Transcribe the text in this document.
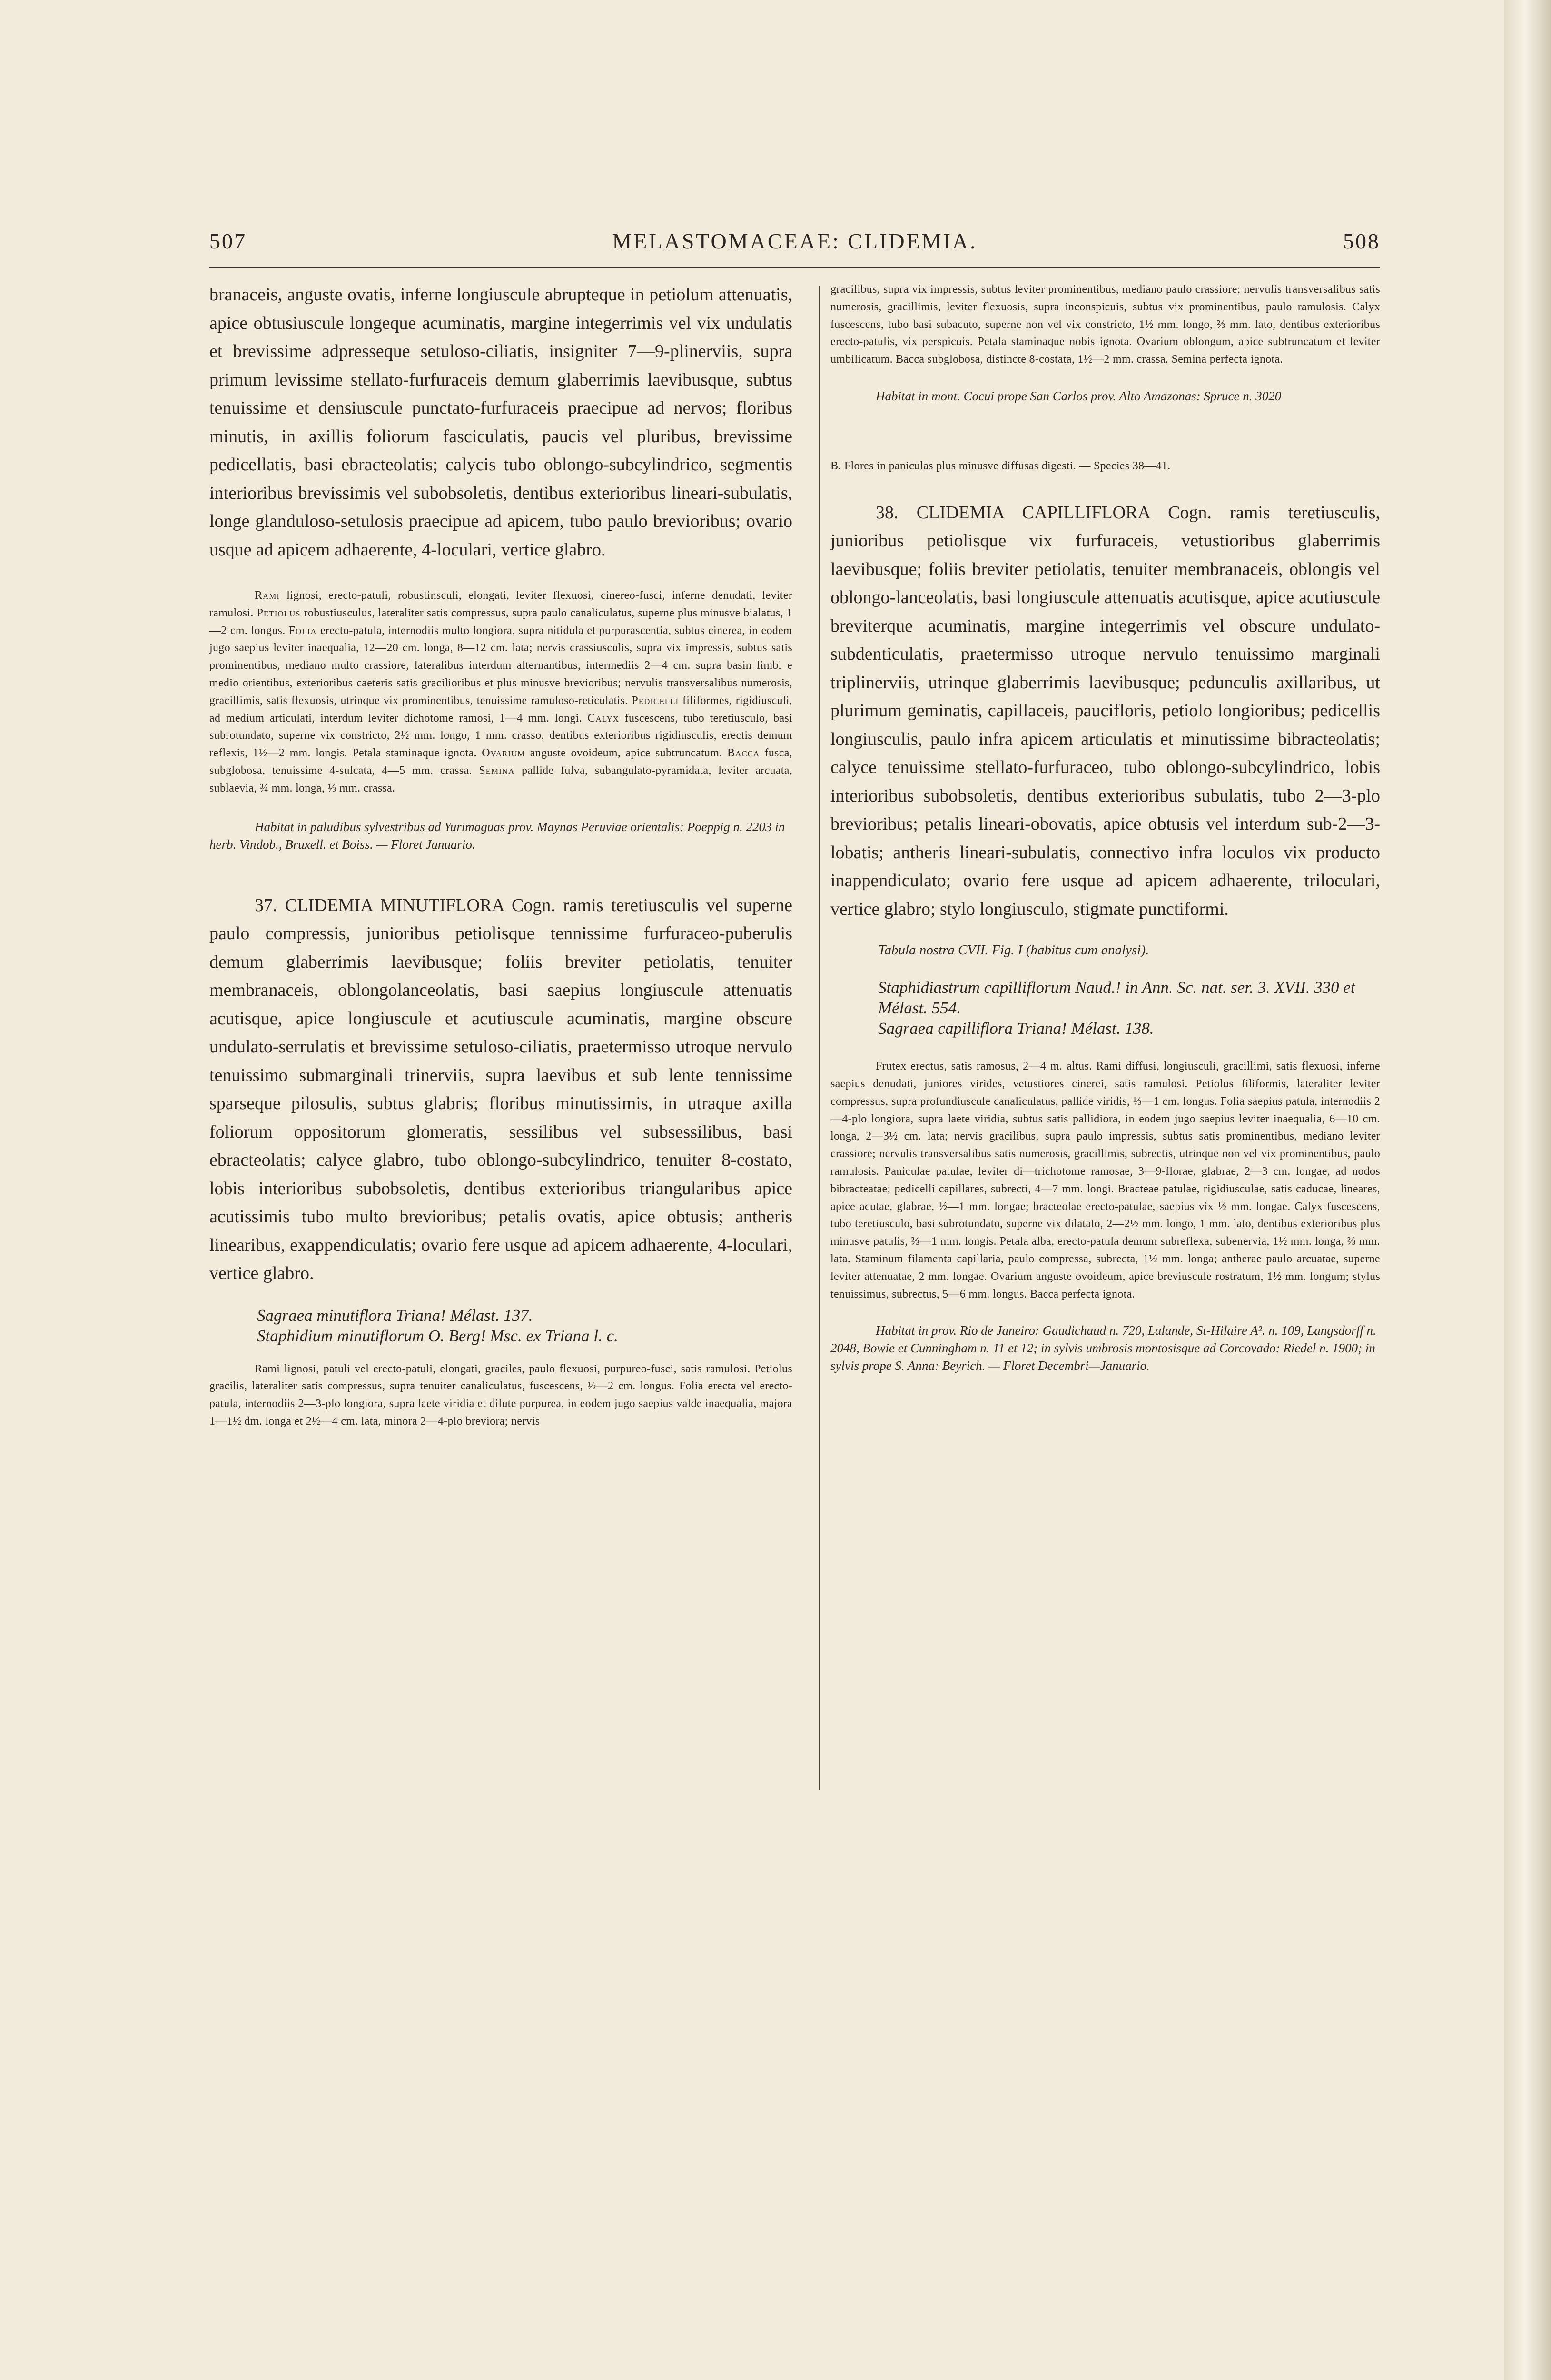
507	MELASTOMACEAE: CLIDEMIA.	508

branaceis, anguste ovatis, inferne longiuscule abrupteque in petiolum attenuatis, apice obtusiuscule longeque acuminatis, margine integerrimis vel vix undulatis et brevissime adpresseque setuloso-ciliatis, insigniter 7—9-plinerviis, supra primum levissime stellato-furfuraceis demum glaberrimis laevibusque, subtus tenuissime et densiuscule punctato-furfuraceis praecipue ad nervos; floribus minutis, in axillis foliorum fasciculatis, paucis vel pluribus, brevissime pedicellatis, basi ebracteolatis; calycis tubo oblongo-subcylindrico, segmentis interioribus brevissimis vel subobsoletis, dentibus exterioribus lineari-subulatis, longe glanduloso-setulosis praecipue ad apicem, tubo paulo brevioribus; ovario usque ad apicem adhaerente, 4-loculari, vertice glabro.

Rami lignosi, erecto-patuli, robustinsculi, elongati, leviter flexuosi, cinereo-fusci, inferne denudati, leviter ramulosi. Petiolus robustiusculus, lateraliter satis compressus, supra paulo canaliculatus, superne plus minusve bialatus, 1—2 cm. longus. Folia erecto-patula, internodiis multo longiora, supra nitidula et purpurascentia, subtus cinerea, in eodem jugo saepius leviter inaequalia, 12—20 cm. longa, 8—12 cm. lata; nervis crassiusculis, supra vix impressis, subtus satis prominentibus, mediano multo crassiore, lateralibus interdum alternantibus, intermediis 2—4 cm. supra basin limbi e medio orientibus, exterioribus caeteris satis gracilioribus et plus minusve brevioribus; nervulis transversalibus numerosis, gracillimis, satis flexuosis, utrinque vix prominentibus, tenuissime ramuloso-reticulatis. Pedicelli filiformes, rigidiusculi, ad medium articulati, interdum leviter dichotome ramosi, 1—4 mm. longi. Calyx fuscescens, tubo teretiusculo, basi subrotundato, superne vix constricto, 2½ mm. longo, 1 mm. crasso, dentibus exterioribus rigidiusculis, erectis demum reflexis, 1½—2 mm. longis. Petala staminaque ignota. Ovarium anguste ovoideum, apice subtruncatum. Bacca fusca, subglobosa, tenuissime 4-sulcata, 4—5 mm. crassa. Semina pallide fulva, subangulato-pyramidata, leviter arcuata, sublaevia, ¾ mm. longa, ⅓ mm. crassa.

Habitat in paludibus sylvestribus ad Yurimaguas prov. Maynas Peruviae orientalis: Poeppig n. 2203 in herb. Vindob., Bruxell. et Boiss. — Floret Januario.

37. CLIDEMIA MINUTIFLORA Cogn. ramis teretiusculis vel superne paulo compressis, junioribus petiolisque tennissime furfuraceo-puberulis demum glaberrimis laevibusque; foliis breviter petiolatis, tenuiter membranaceis, oblongolanceolatis, basi saepius longiuscule attenuatis acutisque, apice longiuscule et acutiuscule acuminatis, margine obscure undulato-serrulatis et brevissime setuloso-ciliatis, praetermisso utroque nervulo tenuissimo submarginali trinerviis, supra laevibus et sub lente tennissime sparseque pilosulis, subtus glabris; floribus minutissimis, in utraque axilla foliorum oppositorum glomeratis, sessilibus vel subsessilibus, basi ebracteolatis; calyce glabro, tubo oblongo-subcylindrico, tenuiter 8-costato, lobis interioribus subobsoletis, dentibus exterioribus triangularibus apice acutissimis tubo multo brevioribus; petalis ovatis, apice obtusis; antheris linearibus, exappendiculatis; ovario fere usque ad apicem adhaerente, 4-loculari, vertice glabro.

Sagraea minutiflora Triana! Mélast. 137.

Staphidium minutiflorum O. Berg! Msc. ex Triana l. c.

Rami lignosi, patuli vel erecto-patuli, elongati, graciles, paulo flexuosi, purpureo-fusci, satis ramulosi. Petiolus gracilis, lateraliter satis compressus, supra tenuiter canaliculatus, fuscescens, ½—2 cm. longus. Folia erecta vel erecto-patula, internodiis 2—3-plo longiora, supra laete viridia et dilute purpurea, in eodem jugo saepius valde inaequalia, majora 1—1½ dm. longa et 2½—4 cm. lata, minora 2—4-plo breviora; nervis

gracilibus, supra vix impressis, subtus leviter prominentibus, mediano paulo crassiore; nervulis transversalibus satis numerosis, gracillimis, leviter flexuosis, supra inconspicuis, subtus vix prominentibus, paulo ramulosis. Calyx fuscescens, tubo basi subacuto, superne non vel vix constricto, 1½ mm. longo, ⅔ mm. lato, dentibus exterioribus erecto-patulis, vix perspicuis. Petala staminaque nobis ignota. Ovarium oblongum, apice subtruncatum et leviter umbilicatum. Bacca subglobosa, distincte 8-costata, 1½—2 mm. crassa. Semina perfecta ignota.

Habitat in mont. Cocui prope San Carlos prov. Alto Amazonas: Spruce n. 3020

B. Flores in paniculas plus minusve diffusas digesti. — Species 38—41.

38. CLIDEMIA CAPILLIFLORA Cogn. ramis teretiusculis, junioribus petiolisque vix furfuraceis, vetustioribus glaberrimis laevibusque; foliis breviter petiolatis, tenuiter membranaceis, oblongis vel oblongo-lanceolatis, basi longiuscule attenuatis acutisque, apice acutiuscule breviterque acuminatis, margine integerrimis vel obscure undulato-subdenticulatis, praetermisso utroque nervulo tenuissimo marginali triplinerviis, utrinque glaberrimis laevibusque; pedunculis axillaribus, ut plurimum geminatis, capillaceis, paucifloris, petiolo longioribus; pedicellis longiusculis, paulo infra apicem articulatis et minutissime bibracteolatis; calyce tenuissime stellato-furfuraceo, tubo oblongo-subcylindrico, lobis interioribus subobsoletis, dentibus exterioribus subulatis, tubo 2—3-plo brevioribus; petalis lineari-obovatis, apice obtusis vel interdum sub-2—3-lobatis; antheris lineari-subulatis, connectivo infra loculos vix producto inappendiculato; ovario fere usque ad apicem adhaerente, triloculari, vertice glabro; stylo longiusculo, stigmate punctiformi.

Tabula nostra CVII. Fig. I (habitus cum analysi).

Staphidiastrum capilliflorum Naud.! in Ann. Sc. nat. ser. 3. XVII. 330 et Mélast. 554.

Sagraea capilliflora Triana! Mélast. 138.

Frutex erectus, satis ramosus, 2—4 m. altus. Rami diffusi, longiusculi, gracillimi, satis flexuosi, inferne saepius denudati, juniores virides, vetustiores cinerei, satis ramulosi. Petiolus filiformis, lateraliter leviter compressus, supra profundiuscule canaliculatus, pallide viridis, ⅓—1 cm. longus. Folia saepius patula, internodiis 2—4-plo longiora, supra laete viridia, subtus satis pallidiora, in eodem jugo saepius leviter inaequalia, 6—10 cm. longa, 2—3½ cm. lata; nervis gracilibus, supra paulo impressis, subtus satis prominentibus, mediano leviter crassiore; nervulis transversalibus satis numerosis, gracillimis, subrectis, utrinque non vel vix prominentibus, paulo ramulosis. Paniculae patulae, leviter di—trichotome ramosae, 3—9-florae, glabrae, 2—3 cm. longae, ad nodos bibracteatae; pedicelli capillares, subrecti, 4—7 mm. longi. Bracteae patulae, rigidiusculae, satis caducae, lineares, apice acutae, glabrae, ½—1 mm. longae; bracteolae erecto-patulae, saepius vix ½ mm. longae. Calyx fuscescens, tubo teretiusculo, basi subrotundato, superne vix dilatato, 2—2½ mm. longo, 1 mm. lato, dentibus exterioribus plus minusve patulis, ⅔—1 mm. longis. Petala alba, erecto-patula demum subreflexa, subenervia, 1½ mm. longa, ⅔ mm. lata. Staminum filamenta capillaria, paulo compressa, subrecta, 1½ mm. longa; antherae paulo arcuatae, superne leviter attenuatae, 2 mm. longae. Ovarium anguste ovoideum, apice breviuscule rostratum, 1½ mm. longum; stylus tenuissimus, subrectus, 5—6 mm. longus. Bacca perfecta ignota.

Habitat in prov. Rio de Janeiro: Gaudichaud n. 720, Lalande, St-Hilaire A². n. 109, Langsdorff n. 2048, Bowie et Cunningham n. 11 et 12; in sylvis umbrosis montosisque ad Corcovado: Riedel n. 1900; in sylvis prope S. Anna: Beyrich. — Floret Decembri—Januario.
